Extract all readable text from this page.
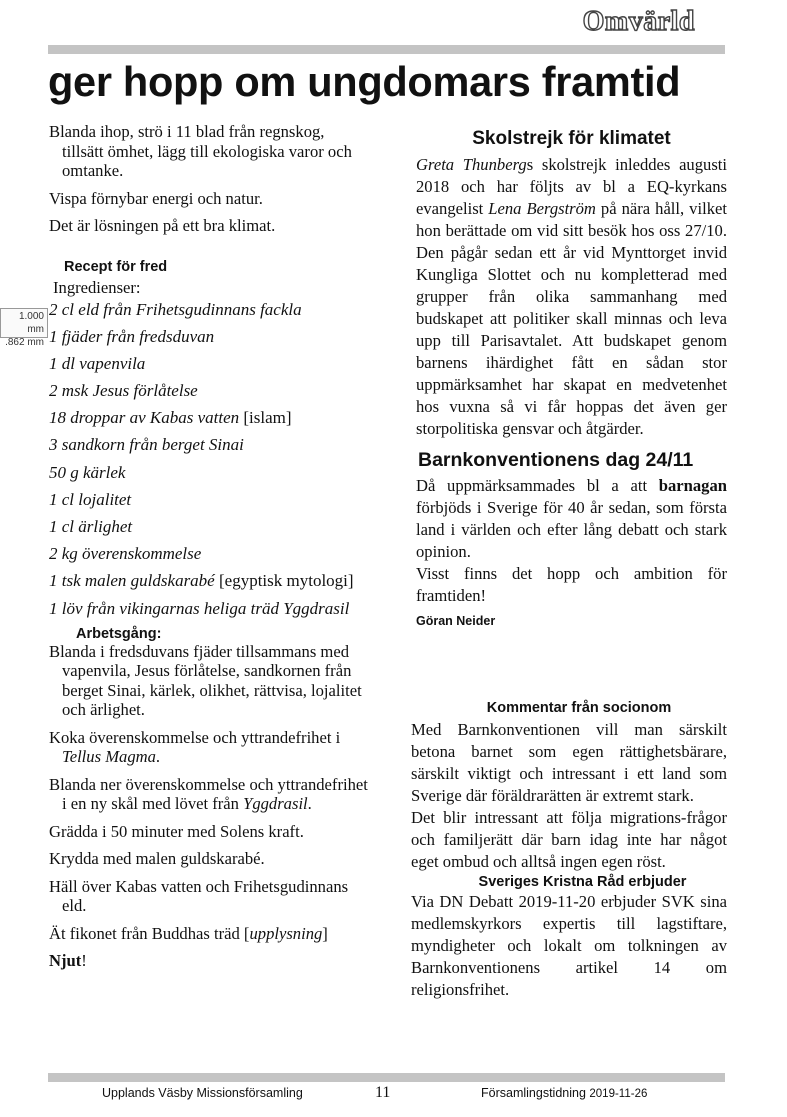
Omvärld
ger hopp om ungdomars framtid
1.000 mm
.862 mm

Blanda ihop, strö i 11 blad från regnskog, tillsätt ömhet, lägg till ekologiska varor och omtanke.

Vispa förnybar energi och natur.

Det är lösningen på ett bra klimat.

Recept för fred
Ingredienser:

2 cl eld från Frihetsgudinnans fackla

1 fjäder från fredsduvan

1 dl vapenvila

2 msk Jesus förlåtelse

18 droppar av Kabas vatten [islam]

3 sandkorn från berget Sinai

50 g kärlek

1 cl lojalitet

1 cl ärlighet

2 kg överenskommelse

1 tsk malen guldskarabé [egyptisk mytologi]

1 löv från vikingarnas heliga träd Yggdrasil

Arbetsgång:

Blanda i fredsduvans fjäder tillsammans med vapenvila, Jesus förlåtelse, sandkornen från berget Sinai, kärlek, olikhet, rättvisa, lojalitet och ärlighet.

Koka överenskommelse och yttrandefrihet i Tellus Magma.

Blanda ner överenskommelse och yttrandefrihet i en ny skål med lövet från Yggdrasil.

Grädda i 50 minuter med Solens kraft.

Krydda med malen guldskarabé.

Häll över Kabas vatten och Frihetsgudinnans eld.

Ät fikonet från Buddhas träd [upplysning]

Njut!

Skolstrejk för klimatet

Greta Thunbergs skolstrejk inleddes augusti 2018 och har följts av bl a EQ-kyrkans evangelist Lena Bergström på nära håll, vilket hon berättade om vid sitt besök hos oss 27/10. Den pågår sedan ett år vid Mynttorget invid Kungliga Slottet och nu kompletterad med grupper från olika sammanhang med budskapet att politiker skall minnas och leva upp till Parisavtalet. Att budskapet genom barnens ihärdighet fått en sådan stor uppmärksamhet har skapat en medvetenhet hos vuxna så vi får hoppas det även ger storpolitiska gensvar och åtgärder.

Barnkonventionens dag 24/11

Då uppmärksammades bl a att barnagan förbjöds i Sverige för 40 år sedan, som första land i världen och efter lång debatt och stark opinion.

Visst finns det hopp och ambition för framtiden!

Göran Neider
Kommentar från socionom

Med Barnkonventionen vill man särskilt betona barnet som egen rättighetsbärare, särskilt viktigt och intressant i ett land som Sverige där föräldrarätten är extremt stark.

Det blir intressant att följa migrations-frågor och familjerätt där barn idag inte har något eget ombud och alltså ingen egen röst.

Sveriges Kristna Råd erbjuder

Via DN Debatt 2019-11-20 erbjuder SVK sina medlemskyrkors expertis till lagstiftare, myndigheter och lokalt om tolkningen av Barnkonventionens artikel 14 om religionsfrihet.

Upplands Väsby Missionsförsamling	11	Församlingstidning 2019-11-26
